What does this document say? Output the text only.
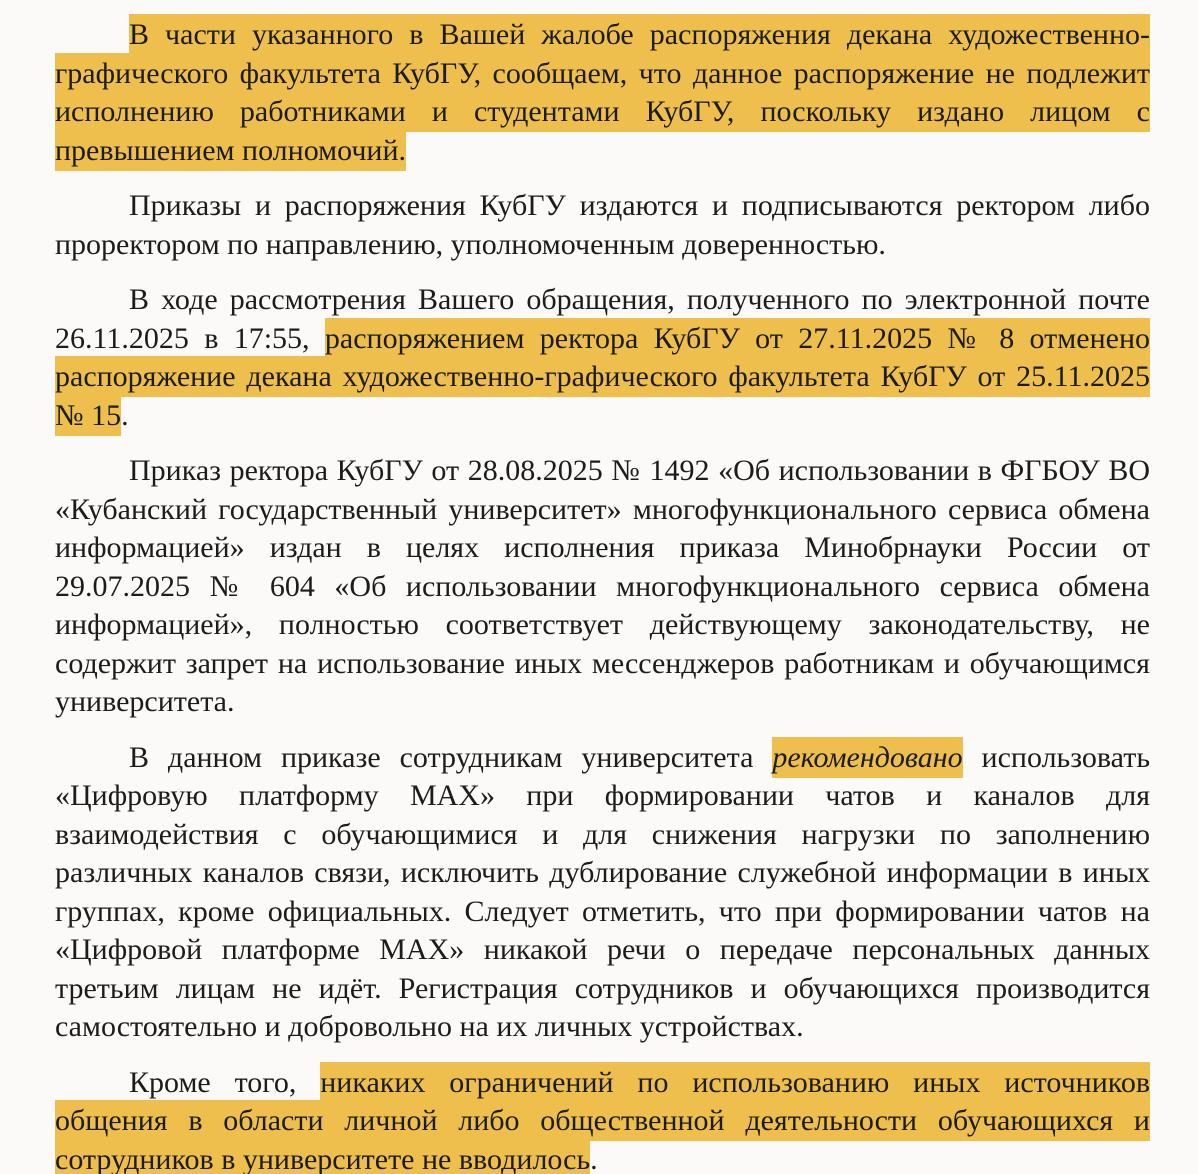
В части указанного в Вашей жалобе распоряжения декана художественно-графического факультета КубГУ, сообщаем, что данное распоряжение не подлежит исполнению работниками и студентами КубГУ, поскольку издано лицом с превышением полномочий.

Приказы и распоряжения КубГУ издаются и подписываются ректором либо проректором по направлению, уполномоченным доверенностью.

В ходе рассмотрения Вашего обращения, полученного по электронной почте 26.11.2025 в 17:55, распоряжением ректора КубГУ от 27.11.2025 № 8 отменено распоряжение декана художественно-графического факультета КубГУ от 25.11.2025 № 15.

Приказ ректора КубГУ от 28.08.2025 № 1492 «Об использовании в ФГБОУ ВО «Кубанский государственный университет» многофункционального сервиса обмена информацией» издан в целях исполнения приказа Минобрнауки России от 29.07.2025 № 604 «Об использовании многофункционального сервиса обмена информацией», полностью соответствует действующему законодательству, не содержит запрет на использование иных мессенджеров работникам и обучающимся университета.

В данном приказе сотрудникам университета рекомендовано использовать «Цифровую платформу МАХ» при формировании чатов и каналов для взаимодействия с обучающимися и для снижения нагрузки по заполнению различных каналов связи, исключить дублирование служебной информации в иных группах, кроме официальных. Следует отметить, что при формировании чатов на «Цифровой платформе МАХ» никакой речи о передаче персональных данных третьим лицам не идёт. Регистрация сотрудников и обучающихся производится самостоятельно и добровольно на их личных устройствах.

Кроме того, никаких ограничений по использованию иных источников общения в области личной либо общественной деятельности обучающихся и сотрудников в университете не вводилось.
